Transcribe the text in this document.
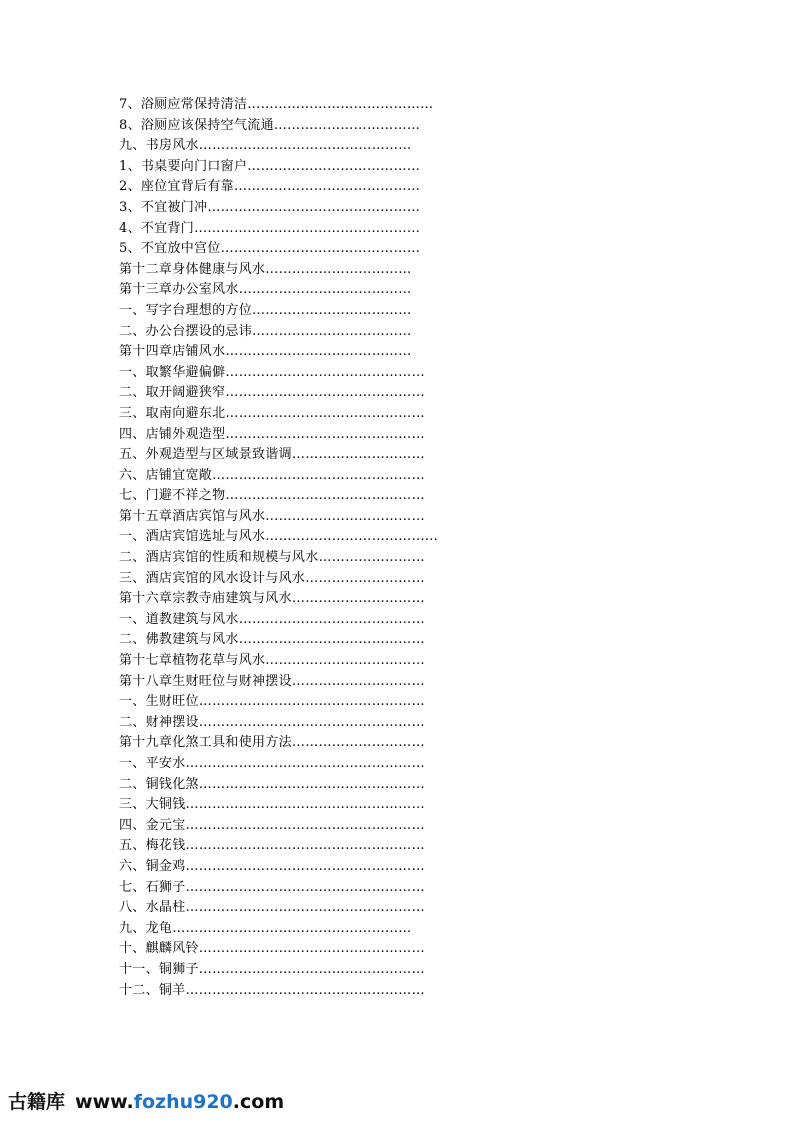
7、浴厕应常保持清洁……………………………………
8、浴厕应该保持空气流通……………………………
九、书房风水…………………………………………
1、书桌要向门口窗户…………………………………
2、座位宜背后有靠……………………………………
3、不宜被门冲…………………………………………
4、不宜背门……………………………………………
5、不宜放中宫位………………………………………
第十二章身体健康与风水……………………………
第十三章办公室风水…………………………………
一、写字台理想的方位………………………………
二、办公台摆设的忌讳………………………………
第十四章店铺风水……………………………………
一、取繁华避偏僻………………………………………
二、取开阔避狭窄………………………………………
三、取南向避东北………………………………………
四、店铺外观造型………………………………………
五、外观造型与区域景致谐调…………………………
六、店铺宜宽敞…………………………………………
七、门避不祥之物………………………………………
第十五章酒店宾馆与风水………………………………
一、酒店宾馆选址与风水…………………………………
二、酒店宾馆的性质和规模与风水……………………
三、酒店宾馆的风水设计与风水………………………
第十六章宗教寺庙建筑与风水…………………………
一、道教建筑与风水……………………………………
二、佛教建筑与风水……………………………………
第十七章植物花草与风水………………………………
第十八章生财旺位与财神摆设…………………………
一、生财旺位……………………………………………
二、财神摆设……………………………………………
第十九章化煞工具和使用方法…………………………
一、平安水………………………………………………
二、铜钱化煞……………………………………………
三、大铜钱………………………………………………
四、金元宝………………………………………………
五、梅花钱………………………………………………
六、铜金鸡………………………………………………
七、石狮子………………………………………………
八、水晶柱………………………………………………
九、龙龟………………………………………………
十、麒麟风铃……………………………………………
十一、铜狮子……………………………………………
十二、铜羊………………………………………………
古籍库 www.fozhu920.com
